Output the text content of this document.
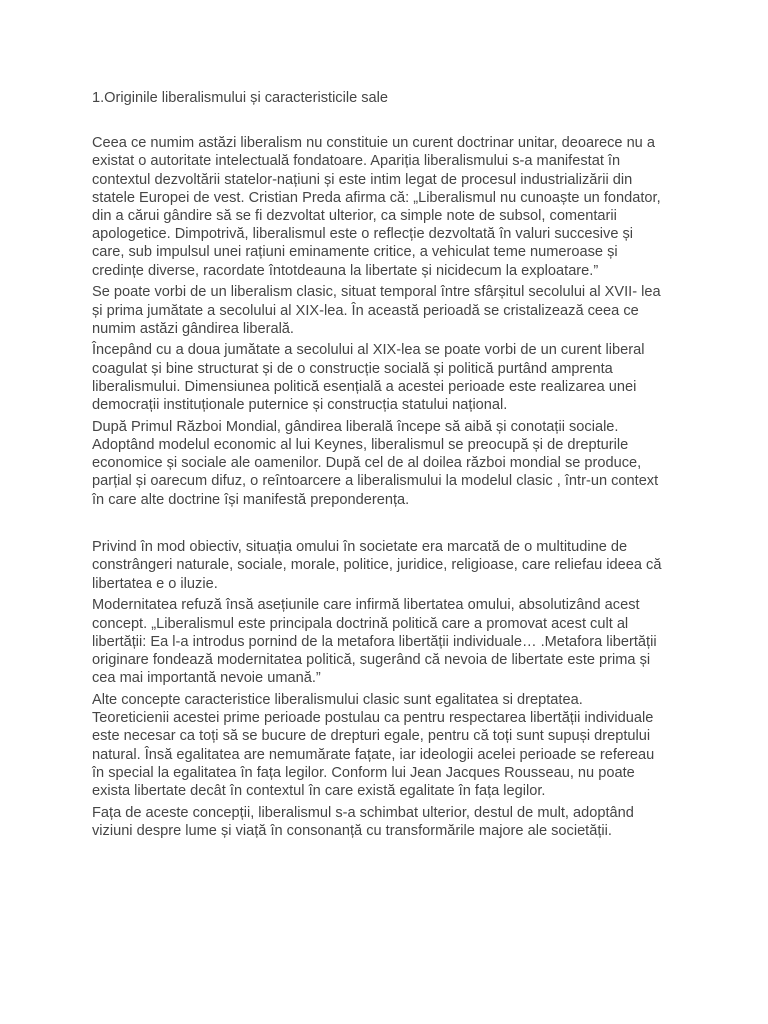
1.Originile liberalismului și caracteristicile sale
Ceea ce numim astăzi liberalism nu constituie un curent doctrinar unitar, deoarece nu a
existat o autoritate intelectuală fondatoare. Apariția liberalismului s-a manifestat în
contextul dezvoltării statelor-națiuni și este intim legat de procesul industrializării din
statele Europei de vest. Cristian Preda afirma că: „Liberalismul nu cunoaște un fondator,
din a cărui gândire să se fi dezvoltat ulterior, ca simple note de subsol, comentarii
apologetice. Dimpotrivă, liberalismul este o reflecție dezvoltată în valuri succesive și
care, sub impulsul unei rațiuni eminamente critice, a vehiculat teme numeroase și
credințe diverse, racordate întotdeauna la libertate și nicidecum la exploatare.”
Se poate vorbi de un liberalism clasic, situat temporal între sfârșitul secolului al XVII- lea
și prima jumătate a secolului al XIX-lea. În această perioadă se cristalizează ceea ce
numim astăzi gândirea liberală.
Începând cu a doua jumătate a secolului al XIX-lea se poate vorbi de un curent liberal
coagulat și bine structurat și de o construcție socială și politică purtând amprenta
liberalismului. Dimensiunea politică esențială a acestei perioade este realizarea unei
democrații instituționale puternice și construcția statului național.
După Primul Război Mondial, gândirea liberală începe să aibă și conotații sociale.
Adoptând modelul economic al lui Keynes, liberalismul se preocupă și de drepturile
economice și sociale ale oamenilor. După cel de al doilea război mondial se produce,
parțial și oarecum difuz, o reîntoarcere a liberalismului la modelul clasic , într-un context
în care alte doctrine își manifestă preponderența.
Privind în mod obiectiv, situația omului în societate era marcată de o multitudine de
constrângeri naturale, sociale, morale, politice, juridice, religioase, care reliefau ideea că
libertatea e o iluzie.
Modernitatea refuză însă asețiunile care infirmă libertatea omului, absolutizând acest
concept. „Liberalismul este principala doctrină politică care a promovat acest cult al
libertății: Ea l-a introdus pornind de la metafora libertății individuale… .Metafora libertății
originare fondează modernitatea politică, sugerând că nevoia de libertate este prima și
cea mai importantă nevoie umană.”
Alte concepte caracteristice liberalismului clasic sunt egalitatea si dreptatea.
Teoreticienii acestei prime perioade postulau ca pentru respectarea libertății individuale
este necesar ca toți să se bucure de drepturi egale, pentru că toți sunt supuși dreptului
natural. Însă egalitatea are nemumărate fațate, iar ideologii acelei perioade se refereau
în special la egalitatea în fața legilor. Conform lui Jean Jacques Rousseau, nu poate
exista libertate decât în contextul în care există egalitate în fața legilor.
Fața de aceste concepții, liberalismul s-a schimbat ulterior, destul de mult, adoptând
viziuni despre lume și viață în consonanță cu transformările majore ale societății.
